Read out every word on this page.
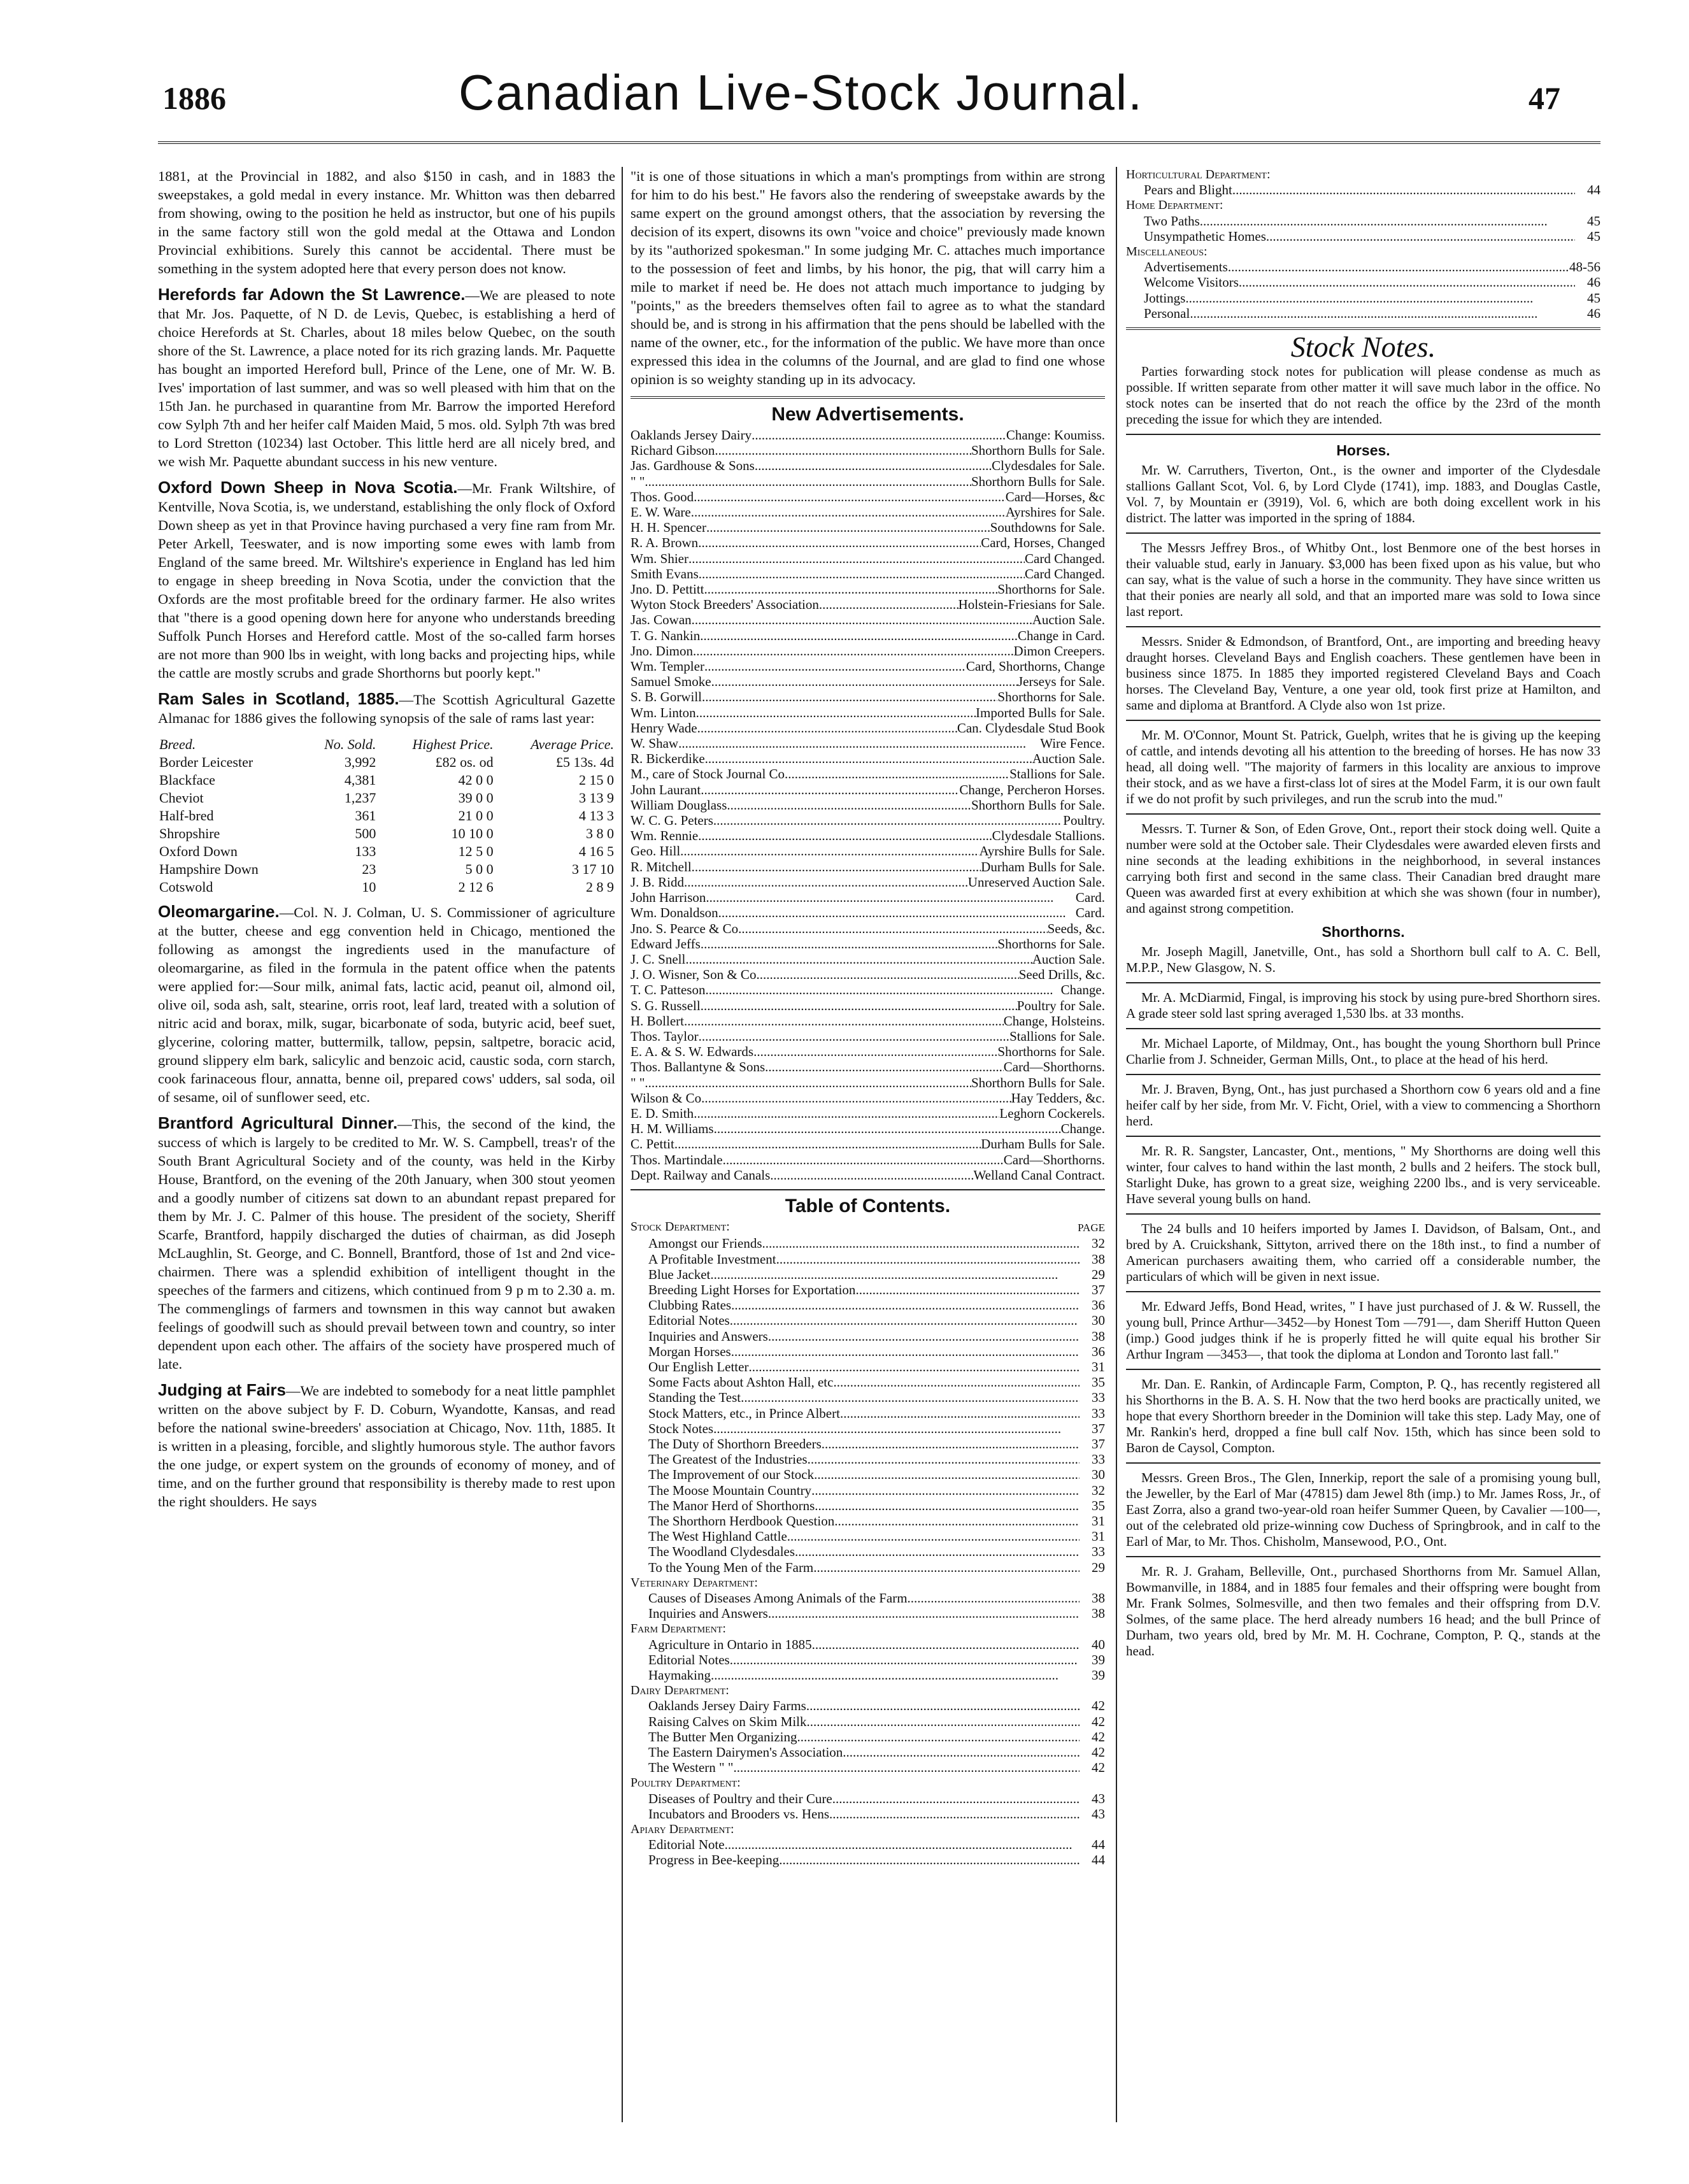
1886	Canadian Live-Stock Journal.	47

1881, at the Provincial in 1882, and also $150 in cash, and in 1883 the sweepstakes, a gold medal in every instance. Mr. Whitton was then debarred from showing, owing to the position he held as instructor, but one of his pupils in the same factory still won the gold medal at the Ottawa and London Provincial exhibitions. Surely this cannot be accidental. There must be something in the system adopted here that every person does not know.

Herefords far Adown the St Lawrence.—We are pleased to note that Mr. Jos. Paquette, of N D. de Levis, Quebec, is establishing a herd of choice Herefords at St. Charles, about 18 miles below Quebec, on the south shore of the St. Lawrence, a place noted for its rich grazing lands. Mr. Paquette has bought an imported Hereford bull, Prince of the Lene, one of Mr. W. B. Ives' importation of last summer, and was so well pleased with him that on the 15th Jan. he purchased in quarantine from Mr. Barrow the imported Hereford cow Sylph 7th and her heifer calf Maiden Maid, 5 mos. old. Sylph 7th was bred to Lord Stretton (10234) last October. This little herd are all nicely bred, and we wish Mr. Paquette abundant success in his new venture.

Oxford Down Sheep in Nova Scotia.—Mr. Frank Wiltshire, of Kentville, Nova Scotia, is, we understand, establishing the only flock of Oxford Down sheep as yet in that Province having purchased a very fine ram from Mr. Peter Arkell, Teeswater, and is now importing some ewes with lamb from England of the same breed. Mr. Wiltshire's experience in England has led him to engage in sheep breeding in Nova Scotia, under the conviction that the Oxfords are the most profitable breed for the ordinary farmer. He also writes that "there is a good opening down here for anyone who understands breeding Suffolk Punch Horses and Hereford cattle. Most of the so-called farm horses are not more than 900 lbs in weight, with long backs and projecting hips, while the cattle are mostly scrubs and grade Shorthorns but poorly kept."

Ram Sales in Scotland, 1885.—The Scottish Agricultural Gazette Almanac for 1886 gives the following synopsis of the sale of rams last year:

Breed.	No. Sold.	Highest Price.	Average Price.
Border Leicester	3,992	£82 os. od	£5 13s. 4d
Blackface	4,381	42 0 0	2 15 0
Cheviot	1,237	39 0 0	3 13 9
Half-bred	361	21 0 0	4 13 3
Shropshire	500	10 10 0	3 8 0
Oxford Down	133	12 5 0	4 16 5
Hampshire Down	23	5 0 0	3 17 10
Cotswold	10	2 12 6	2 8 9

Oleomargarine.—Col. N. J. Colman, U. S. Commissioner of agriculture at the butter, cheese and egg convention held in Chicago, mentioned the following as amongst the ingredients used in the manufacture of oleomargarine, as filed in the formula in the patent office when the patents were applied for:—Sour milk, animal fats, lactic acid, peanut oil, almond oil, olive oil, soda ash, salt, stearine, orris root, leaf lard, treated with a solution of nitric acid and borax, milk, sugar, bicarbonate of soda, butyric acid, beef suet, glycerine, coloring matter, buttermilk, tallow, pepsin, saltpetre, boracic acid, ground slippery elm bark, salicylic and benzoic acid, caustic soda, corn starch, cook farinaceous flour, annatta, benne oil, prepared cows' udders, sal soda, oil of sesame, oil of sunflower seed, etc.

Brantford Agricultural Dinner.—This, the second of the kind, the success of which is largely to be credited to Mr. W. S. Campbell, treas'r of the South Brant Agricultural Society and of the county, was held in the Kirby House, Brantford, on the evening of the 20th January, when 300 stout yeomen and a goodly number of citizens sat down to an abundant repast prepared for them by Mr. J. C. Palmer of this house. The president of the society, Sheriff Scarfe, Brantford, happily discharged the duties of chairman, as did Joseph McLaughlin, St. George, and C. Bonnell, Brantford, those of 1st and 2nd vice-chairmen. There was a splendid exhibition of intelligent thought in the speeches of the farmers and citizens, which continued from 9 p m to 2.30 a. m. The commenglings of farmers and townsmen in this way cannot but awaken feelings of goodwill such as should prevail between town and country, so inter dependent upon each other. The affairs of the society have prospered much of late.

Judging at Fairs—We are indebted to somebody for a neat little pamphlet written on the above subject by F. D. Coburn, Wyandotte, Kansas, and read before the national swine-breeders' association at Chicago, Nov. 11th, 1885. It is written in a pleasing, forcible, and slightly humorous style. The author favors the one judge, or expert system on the grounds of economy of money, and of time, and on the further ground that responsibility is thereby made to rest upon the right shoulders. He says

"it is one of those situations in which a man's promptings from within are strong for him to do his best." He favors also the rendering of sweepstake awards by the same expert on the ground amongst others, that the association by reversing the decision of its expert, disowns its own "voice and choice" previously made known by its "authorized spokesman." In some judging Mr. C. attaches much importance to the possession of feet and limbs, by his honor, the pig, that will carry him a mile to market if need be. He does not attach much importance to judging by "points," as the breeders themselves often fail to agree as to what the standard should be, and is strong in his affirmation that the pens should be labelled with the name of the owner, etc., for the information of the public. We have more than once expressed this idea in the columns of the Journal, and are glad to find one whose opinion is so weighty standing up in its advocacy.

New Advertisements.
Oaklands Jersey Dairy .....	Change: Koumiss.
Richard Gibson .....	Shorthorn Bulls for Sale.
Jas. Gardhouse & Sons .....	Clydesdales for Sale.
" " .....	Shorthorn Bulls for Sale.
Thos. Good .....	Card—Horses, &c
E. W. Ware .....	Ayrshires for Sale.
H. H. Spencer .....	Southdowns for Sale.
R. A. Brown .....	Card, Horses, Changed
Wm. Shier .....	Card Changed.
Smith Evans .....	Card Changed.
Jno. D. Pettitt .....	Shorthorns for Sale.
Wyton Stock Breeders' Association .....	Holstein-Friesians for Sale.
Jas. Cowan .....	Auction Sale.
T. G. Nankin .....	Change in Card.
Jno. Dimon .....	Dimon Creepers.
Wm. Templer .....	Card, Shorthorns, Change
Samuel Smoke .....	Jerseys for Sale.
S. B. Gorwill .....	Shorthorns for Sale.
Wm. Linton .....	Imported Bulls for Sale.
Henry Wade .....	Can. Clydesdale Stud Book
W. Shaw .....	Wire Fence.
R. Bickerdike .....	Auction Sale.
M., care of Stock Journal Co .....	Stallions for Sale.
John Laurant .....	Change, Percheron Horses.
William Douglass .....	Shorthorn Bulls for Sale.
W. C. G. Peters .....	Poultry.
Wm. Rennie .....	Clydesdale Stallions.
Geo. Hill .....	Ayrshire Bulls for Sale.
R. Mitchell .....	Durham Bulls for Sale.
J. B. Ridd .....	Unreserved Auction Sale.
John Harrison .....	Card.
Wm. Donaldson .....	Card.
Jno. S. Pearce & Co .....	Seeds, &c.
Edward Jeffs .....	Shorthorns for Sale.
J. C. Snell .....	Auction Sale.
J. O. Wisner, Son & Co .....	Seed Drills, &c.
T. C. Patteson .....	Change.
S. G. Russell .....	Poultry for Sale.
H. Bollert .....	Change, Holsteins.
Thos. Taylor .....	Stallions for Sale.
E. A. & S. W. Edwards .....	Shorthorns for Sale.
Thos. Ballantyne & Sons .....	Card—Shorthorns.
" " .....	Shorthorn Bulls for Sale.
Wilson & Co .....	Hay Tedders, &c.
E. D. Smith .....	Leghorn Cockerels.
H. M. Williams .....	Change.
C. Pettit .....	Durham Bulls for Sale.
Thos. Martindale .....	Card—Shorthorns.
Dept. Railway and Canals .....	Welland Canal Contract.
Table of Contents.
Stock Department:	PAGE
Amongst our Friends .....	32
A Profitable Investment .....	38
Blue Jacket .....	29
Breeding Light Horses for Exportation .....	37
Clubbing Rates .....	36
Editorial Notes .....	30
Inquiries and Answers .....	38
Morgan Horses .....	36
Our English Letter .....	31
Some Facts about Ashton Hall, etc .....	35
Standing the Test .....	33
Stock Matters, etc., in Prince Albert .....	33
Stock Notes .....	37
The Duty of Shorthorn Breeders .....	37
The Greatest of the Industries .....	33
The Improvement of our Stock .....	30
The Moose Mountain Country .....	32
The Manor Herd of Shorthorns .....	35
The Shorthorn Herdbook Question .....	31
The West Highland Cattle .....	31
The Woodland Clydesdales .....	33
To the Young Men of the Farm .....	29
Veterinary Department:
Causes of Diseases Among Animals of the Farm .....	38
Inquiries and Answers .....	38
Farm Department:
Agriculture in Ontario in 1885 .....	40
Editorial Notes .....	39
Haymaking .....	39
Dairy Department:
Oaklands Jersey Dairy Farms .....	42
Raising Calves on Skim Milk .....	42
The Butter Men Organizing .....	42
The Eastern Dairymen's Association .....	42
The Western " " .....	42
Poultry Department:
Diseases of Poultry and their Cure .....	43
Incubators and Brooders vs. Hens .....	43
Apiary Department:
Editorial Note .....	44
Progress in Bee-keeping .....	44
Horticultural Department:
Pears and Blight .....	44
Home Department:
Two Paths .....	45
Unsympathetic Homes .....	45
Miscellaneous:
Advertisements .....	48-56
Welcome Visitors .....	46
Jottings .....	45
Personal .....	46
Stock Notes.

Parties forwarding stock notes for publication will please condense as much as possible. If written separate from other matter it will save much labor in the office. No stock notes can be inserted that do not reach the office by the 23rd of the month preceding the issue for which they are intended.

Horses.

Mr. W. Carruthers, Tiverton, Ont., is the owner and importer of the Clydesdale stallions Gallant Scot, Vol. 6, by Lord Clyde (1741), imp. 1883, and Douglas Castle, Vol. 7, by Mountain er (3919), Vol. 6, which are both doing excellent work in his district. The latter was imported in the spring of 1884.

The Messrs Jeffrey Bros., of Whitby Ont., lost Benmore one of the best horses in their valuable stud, early in January. $3,000 has been fixed upon as his value, but who can say, what is the value of such a horse in the community. They have since written us that their ponies are nearly all sold, and that an imported mare was sold to Iowa since last report.

Messrs. Snider & Edmondson, of Brantford, Ont., are importing and breeding heavy draught horses. Cleveland Bays and English coachers. These gentlemen have been in business since 1875. In 1885 they imported registered Cleveland Bays and Coach horses. The Cleveland Bay, Venture, a one year old, took first prize at Hamilton, and same and diploma at Brantford. A Clyde also won 1st prize.

Mr. M. O'Connor, Mount St. Patrick, Guelph, writes that he is giving up the keeping of cattle, and intends devoting all his attention to the breeding of horses. He has now 33 head, all doing well. "The majority of farmers in this locality are anxious to improve their stock, and as we have a first-class lot of sires at the Model Farm, it is our own fault if we do not profit by such privileges, and run the scrub into the mud."

Messrs. T. Turner & Son, of Eden Grove, Ont., report their stock doing well. Quite a number were sold at the October sale. Their Clydesdales were awarded eleven firsts and nine seconds at the leading exhibitions in the neighborhood, in several instances carrying both first and second in the same class. Their Canadian bred draught mare Queen was awarded first at every exhibition at which she was shown (four in number), and against strong competition.

Shorthorns.

Mr. Joseph Magill, Janetville, Ont., has sold a Shorthorn bull calf to A. C. Bell, M.P.P., New Glasgow, N. S.

Mr. A. McDiarmid, Fingal, is improving his stock by using pure-bred Shorthorn sires. A grade steer sold last spring averaged 1,530 lbs. at 33 months.

Mr. Michael Laporte, of Mildmay, Ont., has bought the young Shorthorn bull Prince Charlie from J. Schneider, German Mills, Ont., to place at the head of his herd.

Mr. J. Braven, Byng, Ont., has just purchased a Shorthorn cow 6 years old and a fine heifer calf by her side, from Mr. V. Ficht, Oriel, with a view to commencing a Shorthorn herd.

Mr. R. R. Sangster, Lancaster, Ont., mentions, " My Shorthorns are doing well this winter, four calves to hand within the last month, 2 bulls and 2 heifers. The stock bull, Starlight Duke, has grown to a great size, weighing 2200 lbs., and is very serviceable. Have several young bulls on hand.

The 24 bulls and 10 heifers imported by James I. Davidson, of Balsam, Ont., and bred by A. Cruickshank, Sittyton, arrived there on the 18th inst., to find a number of American purchasers awaiting them, who carried off a considerable number, the particulars of which will be given in next issue.

Mr. Edward Jeffs, Bond Head, writes, " I have just purchased of J. & W. Russell, the young bull, Prince Arthur—3452—by Honest Tom —791—, dam Sheriff Hutton Queen (imp.) Good judges think if he is properly fitted he will quite equal his brother Sir Arthur Ingram —3453—, that took the diploma at London and Toronto last fall."

Mr. Dan. E. Rankin, of Ardincaple Farm, Compton, P. Q., has recently registered all his Shorthorns in the B. A. S. H. Now that the two herd books are practically united, we hope that every Shorthorn breeder in the Dominion will take this step. Lady May, one of Mr. Rankin's herd, dropped a fine bull calf Nov. 15th, which has since been sold to Baron de Caysol, Compton.

Messrs. Green Bros., The Glen, Innerkip, report the sale of a promising young bull, the Jeweller, by the Earl of Mar (47815) dam Jewel 8th (imp.) to Mr. James Ross, Jr., of East Zorra, also a grand two-year-old roan heifer Summer Queen, by Cavalier —100—, out of the celebrated old prize-winning cow Duchess of Springbrook, and in calf to the Earl of Mar, to Mr. Thos. Chisholm, Mansewood, P.O., Ont.

Mr. R. J. Graham, Belleville, Ont., purchased Shorthorns from Mr. Samuel Allan, Bowmanville, in 1884, and in 1885 four females and their offspring were bought from Mr. Frank Solmes, Solmesville, and then two females and their offspring from D.V. Solmes, of the same place. The herd already numbers 16 head; and the bull Prince of Durham, two years old, bred by Mr. M. H. Cochrane, Compton, P. Q., stands at the head.
